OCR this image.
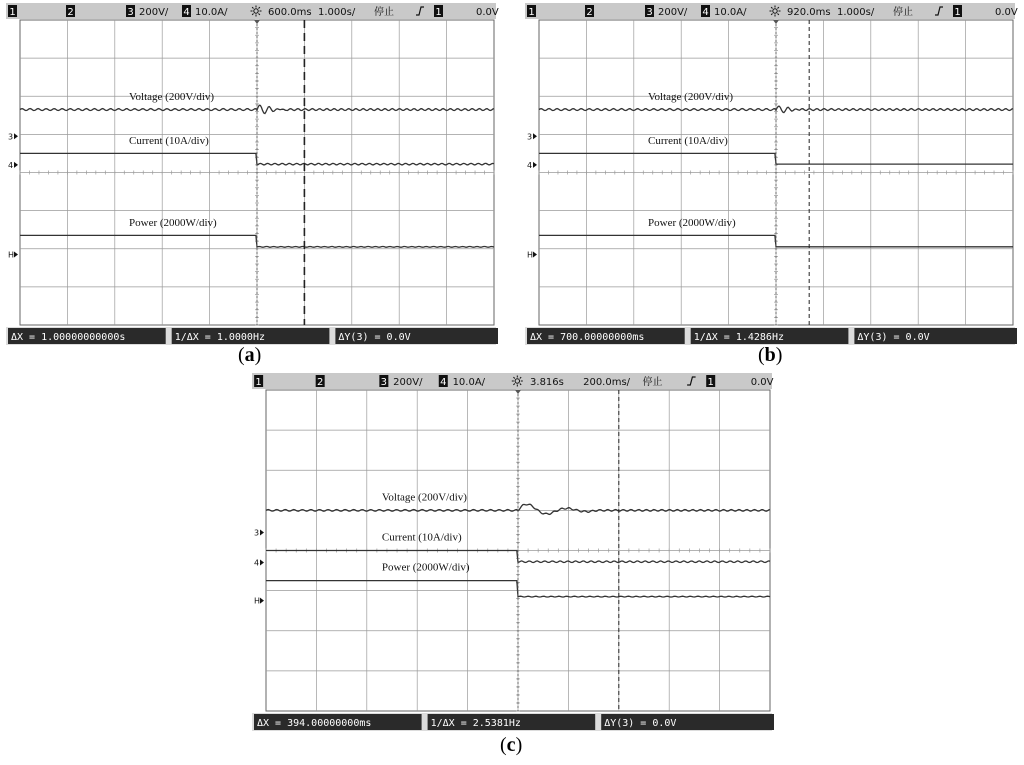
1	2	3 200V/ 4 10.0A/	600.0ms 1.000s/ 停止	1	0.0V
Voltage (200V/div)
Current (10A/div)
Power (2000W/div)
3
4
H
ΔX = 1.00000000000s	1/ΔX = 1.0000Hz	ΔY(3) = 0.0V
(a)
1	2	3 200V/ 4 10.0A/	920.0ms 1.000s/ 停止	1	0.0V
Voltage (200V/div)
Current (10A/div)
Power (2000W/div)
3
4
H
ΔX = 700.00000000ms	1/ΔX = 1.4286Hz	ΔY(3) = 0.0V
(b)
1	2	3 200V/ 4 10.0A/	3.816s 200.0ms/ 停止	1	0.0V
Voltage (200V/div)
Current (10A/div)
Power (2000W/div)
3
4
H
ΔX = 394.00000000ms	1/ΔX = 2.5381Hz	ΔY(3) = 0.0V
(c)
